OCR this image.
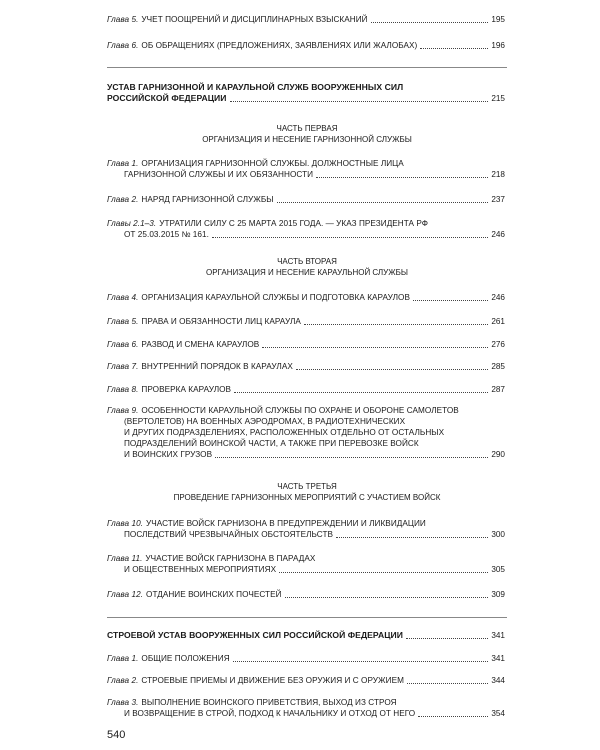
Глава 5. УЧЕТ ПООЩРЕНИЙ И ДИСЦИПЛИНАРНЫХ ВЗЫСКАНИЙ	195
Глава 6. ОБ ОБРАЩЕНИЯХ (ПРЕДЛОЖЕНИЯХ, ЗАЯВЛЕНИЯХ ИЛИ ЖАЛОБАХ)	196
УСТАВ ГАРНИЗОННОЙ И КАРАУЛЬНОЙ СЛУЖБ ВООРУЖЕННЫХ СИЛ
РОССИЙСКОЙ ФЕДЕРАЦИИ	215
ЧАСТЬ ПЕРВАЯ
ОРГАНИЗАЦИЯ И НЕСЕНИЕ ГАРНИЗОННОЙ СЛУЖБЫ
Глава 1. ОРГАНИЗАЦИЯ ГАРНИЗОННОЙ СЛУЖБЫ. ДОЛЖНОСТНЫЕ ЛИЦА
ГАРНИЗОННОЙ СЛУЖБЫ И ИХ ОБЯЗАННОСТИ	218
Глава 2. НАРЯД ГАРНИЗОННОЙ СЛУЖБЫ	237
Главы 2.1–3. УТРАТИЛИ СИЛУ С 25 МАРТА 2015 ГОДА. — УКАЗ ПРЕЗИДЕНТА РФ
ОТ 25.03.2015 № 161.	246
ЧАСТЬ ВТОРАЯ
ОРГАНИЗАЦИЯ И НЕСЕНИЕ КАРАУЛЬНОЙ СЛУЖБЫ
Глава 4. ОРГАНИЗАЦИЯ КАРАУЛЬНОЙ СЛУЖБЫ И ПОДГОТОВКА КАРАУЛОВ	246
Глава 5. ПРАВА И ОБЯЗАННОСТИ ЛИЦ КАРАУЛА	261
Глава 6. РАЗВОД И СМЕНА КАРАУЛОВ	276
Глава 7. ВНУТРЕННИЙ ПОРЯДОК В КАРАУЛАХ	285
Глава 8. ПРОВЕРКА КАРАУЛОВ	287
Глава 9. ОСОБЕННОСТИ КАРАУЛЬНОЙ СЛУЖБЫ ПО ОХРАНЕ И ОБОРОНЕ САМОЛЕТОВ
(ВЕРТОЛЕТОВ) НА ВОЕННЫХ АЭРОДРОМАХ, В РАДИОТЕХНИЧЕСКИХ
И ДРУГИХ ПОДРАЗДЕЛЕНИЯХ, РАСПОЛОЖЕННЫХ ОТДЕЛЬНО ОТ ОСТАЛЬНЫХ
ПОДРАЗДЕЛЕНИЙ ВОИНСКОЙ ЧАСТИ, А ТАКЖЕ ПРИ ПЕРЕВОЗКЕ ВОЙСК
И ВОИНСКИХ ГРУЗОВ	290
ЧАСТЬ ТРЕТЬЯ
ПРОВЕДЕНИЕ ГАРНИЗОННЫХ МЕРОПРИЯТИЙ С УЧАСТИЕМ ВОЙСК
Глава 10. УЧАСТИЕ ВОЙСК ГАРНИЗОНА В ПРЕДУПРЕЖДЕНИИ И ЛИКВИДАЦИИ
ПОСЛЕДСТВИЙ ЧРЕЗВЫЧАЙНЫХ ОБСТОЯТЕЛЬСТВ	300
Глава 11. УЧАСТИЕ ВОЙСК ГАРНИЗОНА В ПАРАДАХ
И ОБЩЕСТВЕННЫХ МЕРОПРИЯТИЯХ	305
Глава 12. ОТДАНИЕ ВОИНСКИХ ПОЧЕСТЕЙ	309
СТРОЕВОЙ УСТАВ ВООРУЖЕННЫХ СИЛ РОССИЙСКОЙ ФЕДЕРАЦИИ	341
Глава 1. ОБЩИЕ ПОЛОЖЕНИЯ	341
Глава 2. СТРОЕВЫЕ ПРИЕМЫ И ДВИЖЕНИЕ БЕЗ ОРУЖИЯ И С ОРУЖИЕМ	344
Глава 3. ВЫПОЛНЕНИЕ ВОИНСКОГО ПРИВЕТСТВИЯ, ВЫХОД ИЗ СТРОЯ
И ВОЗВРАЩЕНИЕ В СТРОЙ, ПОДХОД К НАЧАЛЬНИКУ И ОТХОД ОТ НЕГО	354
540
